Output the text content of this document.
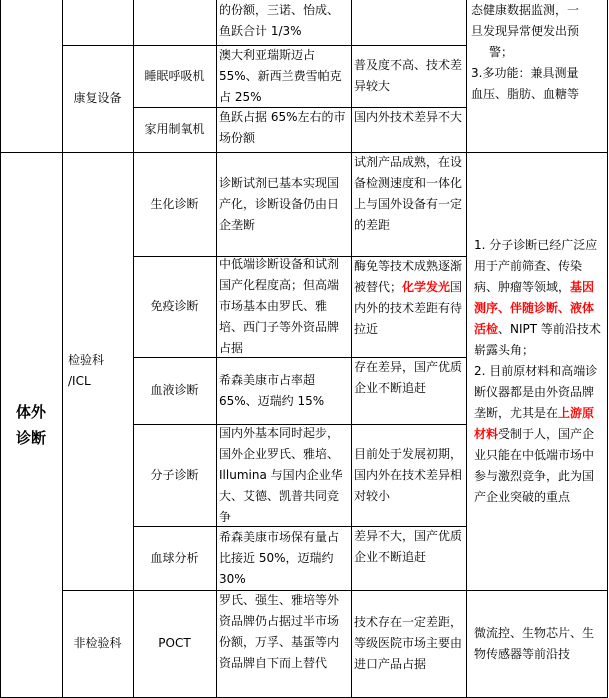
体外
诊断
康复设备
检验科
/ICL
非检验科
睡眠呼吸机
家用制氧机
生化诊断
免疫诊断
血液诊断
分子诊断
血球分析
POCT
的份额，三诺、怡成、鱼跃合计 1/3%
澳大利亚瑞斯迈占55%、新西兰费雪帕克占 25%
鱼跃占据 65%左右的市场份额
诊断试剂已基本实现国产化，诊断设备仍由日企垄断
中低端诊断设备和试剂国产化程度高；但高端市场基本由罗氏、雅培、西门子等外资品牌占据
希森美康市占率超 65%、迈瑞约 15%
国内外基本同时起步，国外企业罗氏、雅培、Illumina 与国内企业华大、艾德、凯普共同竞争
希森美康市场保有量占比接近 50%，迈瑞约 30%
罗氏、强生、雅培等外资品牌仍占据过半市场份额，万孚、基蛋等内资品牌自下而上替代
普及度不高、技术差异较大
国内外技术差异不大
试剂产品成熟，在设备检测速度和一体化上与国外设备有一定的差距
酶免等技术成熟逐渐被替代；化学发光国内外的技术差距有待拉近
存在差异，国产优质企业不断追赶
目前处于发展初期，国内外在技术差异相对较小
差异不大，国产优质企业不断追赶
技术存在一定差距，等级医院市场主要由进口产品占据
态健康数据监测，一
旦发现异常便发出预
警；
3.多功能：兼具测量
血压、脂肪、血糖等
1. 分子诊断已经广泛应用于产前筛查、传染病、肿瘤等领域，基因测序、伴随诊断、液体活检、NIPT 等前沿技术崭露头角；
2. 目前原材料和高端诊断仪器都是由外资品牌垄断，尤其是在上游原材料受制于人，国产企业只能在中低端市场中参与激烈竞争，此为国产企业突破的重点
微流控、生物芯片、生物传感器等前沿技
